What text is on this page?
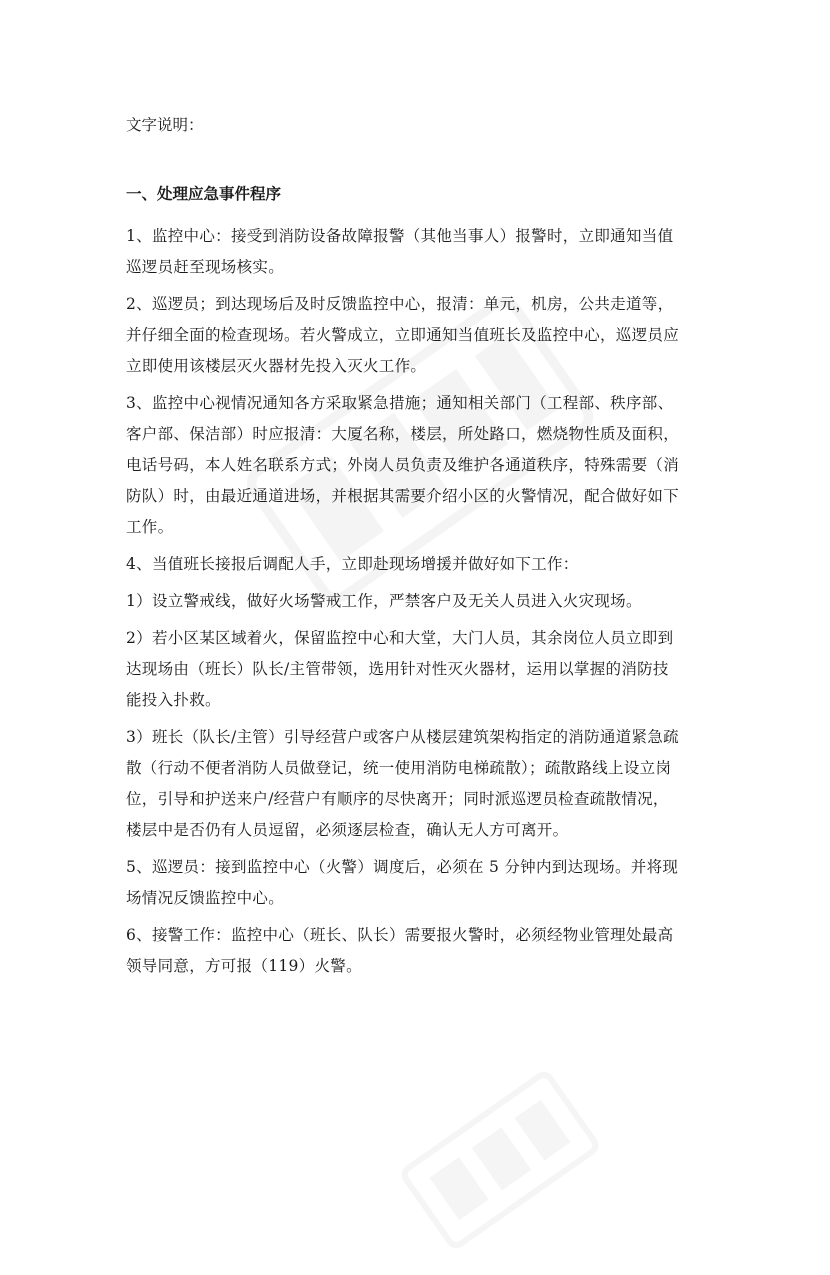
文字说明：
一、处理应急事件程序

1、监控中心：接受到消防设备故障报警（其他当事人）报警时，立即通知当值
巡逻员赶至现场核实。

2、巡逻员；到达现场后及时反馈监控中心，报清：单元，机房，公共走道等，
并仔细全面的检查现场。若火警成立，立即通知当值班长及监控中心，巡逻员应
立即使用该楼层灭火器材先投入灭火工作。

3、监控中心视情况通知各方采取紧急措施；通知相关部门（工程部、秩序部、
客户部、保洁部）时应报清：大厦名称，楼层，所处路口，燃烧物性质及面积，
电话号码，本人姓名联系方式；外岗人员负责及维护各通道秩序，特殊需要（消
防队）时，由最近通道进场，并根据其需要介绍小区的火警情况，配合做好如下
工作。

4、当值班长接报后调配人手，立即赴现场增援并做好如下工作：

1）设立警戒线，做好火场警戒工作，严禁客户及无关人员进入火灾现场。

2）若小区某区域着火，保留监控中心和大堂，大门人员，其余岗位人员立即到
达现场由（班长）队长/主管带领，选用针对性灭火器材，运用以掌握的消防技
能投入扑救。

3）班长（队长/主管）引导经营户或客户从楼层建筑架构指定的消防通道紧急疏
散（行动不便者消防人员做登记，统一使用消防电梯疏散）；疏散路线上设立岗
位，引导和护送来户/经营户有顺序的尽快离开；同时派巡逻员检查疏散情况，
楼层中是否仍有人员逗留，必须逐层检查，确认无人方可离开。

5、巡逻员：接到监控中心（火警）调度后，必须在 5 分钟内到达现场。并将现
场情况反馈监控中心。

6、接警工作：监控中心（班长、队长）需要报火警时，必须经物业管理处最高
领导同意，方可报（119）火警。
